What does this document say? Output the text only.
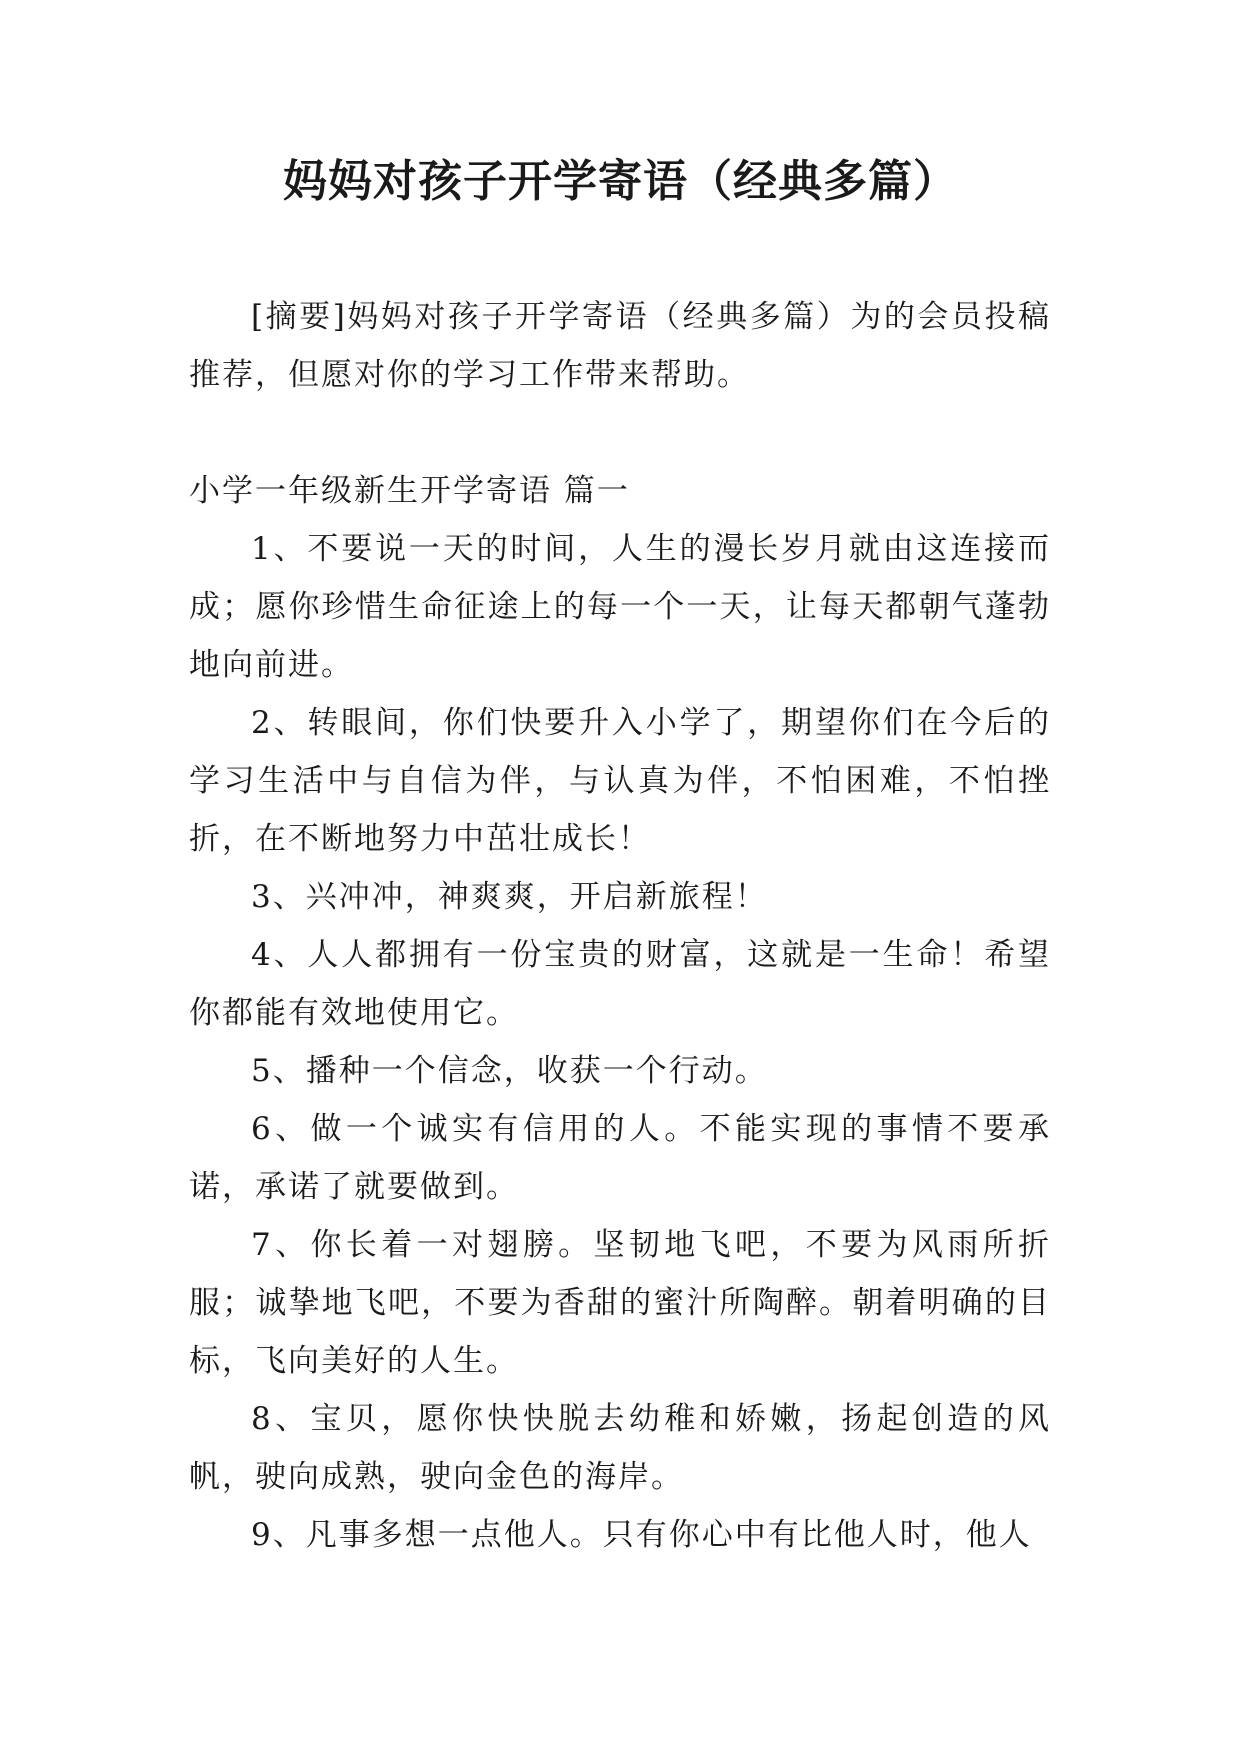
妈妈对孩子开学寄语（经典多篇）

[摘要]妈妈对孩子开学寄语（经典多篇）为的会员投稿推荐，但愿对你的学习工作带来帮助。

小学一年级新生开学寄语 篇一

1、不要说一天的时间，人生的漫长岁月就由这连接而成；愿你珍惜生命征途上的每一个一天，让每天都朝气蓬勃地向前进。

2、转眼间，你们快要升入小学了，期望你们在今后的学习生活中与自信为伴，与认真为伴，不怕困难，不怕挫折，在不断地努力中茁壮成长！

3、兴冲冲，神爽爽，开启新旅程！

4、人人都拥有一份宝贵的财富，这就是一生命！希望你都能有效地使用它。

5、播种一个信念，收获一个行动。

6、做一个诚实有信用的人。不能实现的事情不要承诺，承诺了就要做到。

7、你长着一对翅膀。坚韧地飞吧，不要为风雨所折服；诚挚地飞吧，不要为香甜的蜜汁所陶醉。朝着明确的目标，飞向美好的人生。

8、宝贝，愿你快快脱去幼稚和娇嫩，扬起创造的风帆，驶向成熟，驶向金色的海岸。

9、凡事多想一点他人。只有你心中有比他人时，他人
